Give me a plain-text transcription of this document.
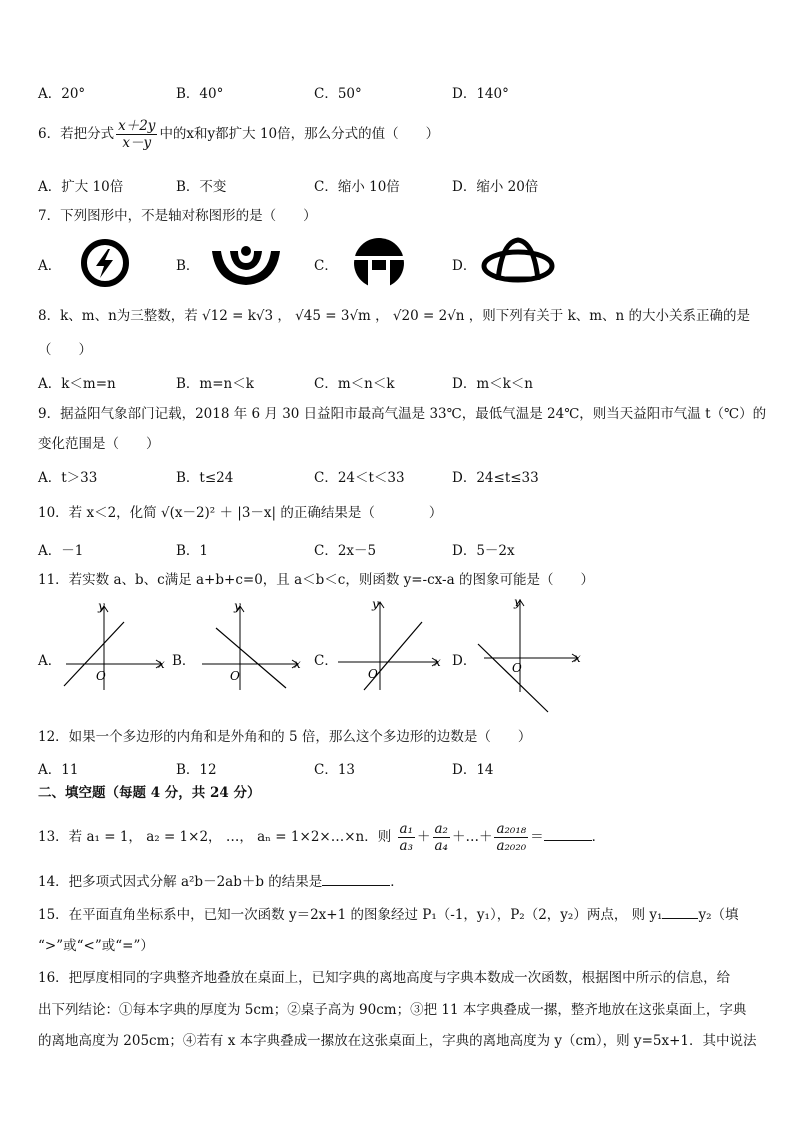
A．20°	B．40°	C．50°	D．140°
6．若把分式 $\frac{x+2y}{x-y}$ 中的x和y都扩大 10倍，那么分式的值（　　）
A．扩大 10倍	B．不变	C．缩小 10倍	D．缩小 20倍
7．下列图形中，不是轴对称图形的是（　　）
A．	B．	C．	D．
8．k、m、n为三整数，若 √12 = k√3 ， √45 = 3√m ， √20 = 2√n ，则下列有关于 k、m、n 的大小关系正确的是
（　　）
A．k＜m=n	B．m=n＜k	C．m＜n＜k	D．m＜k＜n
9．据益阳气象部门记载，2018 年 6 月 30 日益阳市最高气温是 33℃，最低气温是 24℃，则当天益阳市气温 t（℃）的
变化范围是（　　）
A．t＞33	B．t≤24	C．24＜t＜33	D．24≤t≤33
10．若 x＜2，化简 √(x－2)² ＋ |3－x| 的正确结果是（　　　　）
A．－1	B．1	C．2x－5	D．5－2x
11．若实数 a、b、c满足 a+b+c=0，且 a＜b＜c，则函数 y=-cx-a 的图象可能是（　　）
A．	B．	C．	D．
y
x
O
y
x
O
y
x
O
y
x
O
12．如果一个多边形的内角和是外角和的 5 倍，那么这个多边形的边数是（　　）
A．11	B．12	C．13	D．14
二、填空题（每题 4 分，共 24 分）
13．若 a₁ = 1， a₂ = 1×2， …， aₙ = 1×2×…×n．则 $\frac{\text{a₁}}{\text{a₃}} + \frac{\text{a₂}}{\text{a₄}}$ ＋…＋ $\frac{\text{a₂₀₁₈}}{\text{a₂₀₂₀}}$ ＝	．
14．把多项式因式分解 a²b－2ab＋b 的结果是	．
15．在平面直角坐标系中，已知一次函数 y＝2x+1 的图象经过 P₁（-1，y₁），P₂（2，y₂）两点， 则 y₁	y₂（填
“>”或“<”或“=”）
16．把厚度相同的字典整齐地叠放在桌面上，已知字典的离地高度与字典本数成一次函数，根据图中所示的信息，给
出下列结论：①每本字典的厚度为 5cm；②桌子高为 90cm；③把 11 本字典叠成一摞，整齐地放在这张桌面上，字典
的离地高度为 205cm；④若有 x 本字典叠成一摞放在这张桌面上，字典的离地高度为 y（cm），则 y=5x+1．其中说法
